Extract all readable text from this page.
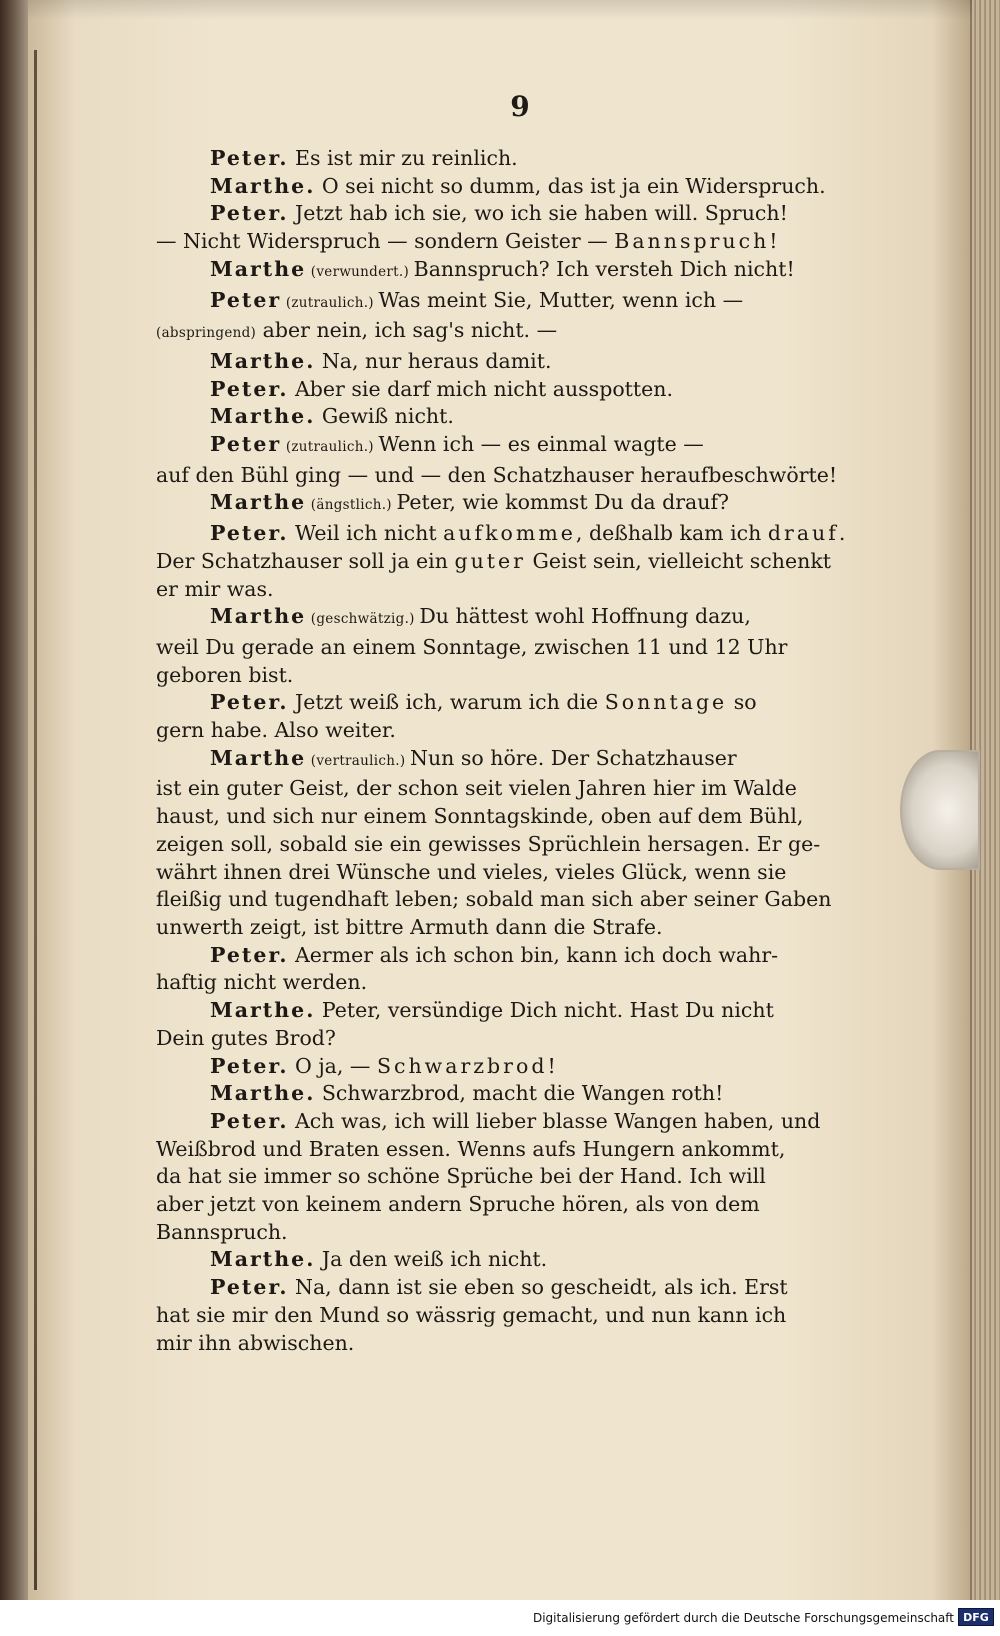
9
Peter. Es ist mir zu reinlich.
Marthe. O sei nicht so dumm, das ist ja ein Widerspruch.
Peter. Jetzt hab ich sie, wo ich sie haben will. Spruch!
— Nicht Widerspruch — sondern Geister — Bannspruch!
Marthe (verwundert.) Bannspruch? Ich versteh Dich nicht!
Peter (zutraulich.) Was meint Sie, Mutter, wenn ich —
(abspringend) aber nein, ich sag's nicht. —
Marthe. Na, nur heraus damit.
Peter. Aber sie darf mich nicht ausspotten.
Marthe. Gewiß nicht.
Peter (zutraulich.) Wenn ich — es einmal wagte —
auf den Bühl ging — und — den Schatzhauser heraufbeschwörte!
Marthe (ängstlich.) Peter, wie kommst Du da drauf?
Peter. Weil ich nicht aufkomme, deßhalb kam ich drauf.
Der Schatzhauser soll ja ein guter Geist sein, vielleicht schenkt
er mir was.
Marthe (geschwätzig.) Du hättest wohl Hoffnung dazu,
weil Du gerade an einem Sonntage, zwischen 11 und 12 Uhr
geboren bist.
Peter. Jetzt weiß ich, warum ich die Sonntage so
gern habe. Also weiter.
Marthe (vertraulich.) Nun so höre. Der Schatzhauser
ist ein guter Geist, der schon seit vielen Jahren hier im Walde
haust, und sich nur einem Sonntagskinde, oben auf dem Bühl,
zeigen soll, sobald sie ein gewisses Sprüchlein hersagen. Er ge-
währt ihnen drei Wünsche und vieles, vieles Glück, wenn sie
fleißig und tugendhaft leben; sobald man sich aber seiner Gaben
unwerth zeigt, ist bittre Armuth dann die Strafe.
Peter. Aermer als ich schon bin, kann ich doch wahr-
haftig nicht werden.
Marthe. Peter, versündige Dich nicht. Hast Du nicht
Dein gutes Brod?
Peter. O ja, — Schwarzbrod!
Marthe. Schwarzbrod, macht die Wangen roth!
Peter. Ach was, ich will lieber blasse Wangen haben, und
Weißbrod und Braten essen. Wenns aufs Hungern ankommt,
da hat sie immer so schöne Sprüche bei der Hand. Ich will
aber jetzt von keinem andern Spruche hören, als von dem
Bannspruch.
Marthe. Ja den weiß ich nicht.
Peter. Na, dann ist sie eben so gescheidt, als ich. Erst
hat sie mir den Mund so wässrig gemacht, und nun kann ich
mir ihn abwischen.
Digitalisierung gefördert durch die Deutsche Forschungsgemeinschaft DFG
